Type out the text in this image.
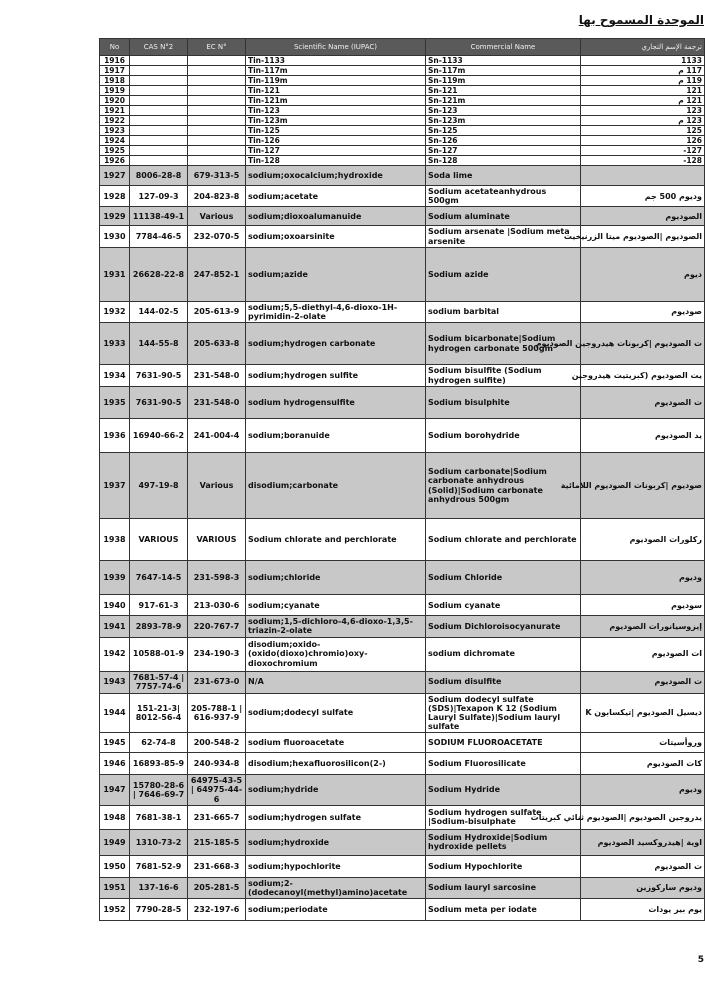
الموحدة المسموح بها
No	CAS N°2	EC N°	Scientific Name (IUPAC)	Commercial Name	ترجمة الإسم التجاري
1916			Tin-1133	Sn-1133	1133
1917			Tin-117m	Sn-117m	117 م
1918			Tin-119m	Sn-119m	119 م
1919			Tin-121	Sn-121	121
1920			Tin-121m	Sn-121m	121 م
1921			Tin-123	Sn-123	123
1922			Tin-123m	Sn-123m	123 م
1923			Tin-125	Sn-125	125
1924			Tin-126	Sn-126	126
1925			Tin-127	Sn-127	127-
1926			Tin-128	Sn-128	128-
1927	8006-28-8	679-313-5	sodium;oxocalcium;hydroxide	Soda lime	
1928	127-09-3	204-823-8	sodium;acetate	Sodium acetateanhydrous 500gm	وديوم 500 جم
1929	11138-49-1	Various	sodium;dioxoalumanuide	Sodium aluminate	الصوديوم
1930	7784-46-5	232-070-5	sodium;oxoarsinite	Sodium arsenate |Sodium meta arsenite	الصوديوم |الصوديوم ميتا الزرنيخيت
1931	26628-22-8	247-852-1	sodium;azide	Sodium azide	ديوم
1932	144-02-5	205-613-9	sodium;5,5-diethyl-4,6-dioxo-1H-pyrimidin-2-olate	sodium barbital	صوديوم
1933	144-55-8	205-633-8	sodium;hydrogen carbonate	Sodium bicarbonate|Sodium hydrogen carbonate 500gm	ت الصوديوم |كربونات هيدروجين الصوديوم
1934	7631-90-5	231-548-0	sodium;hydrogen sulfite	Sodium bisulfite (Sodium hydrogen sulfite)	يت الصوديوم (كبريتيت هيدروجين
1935	7631-90-5	231-548-0	sodium hydrogensulfite	Sodium bisulphite	ت الصوديوم
1936	16940-66-2	241-004-4	sodium;boranuide	Sodium borohydride	يد الصوديوم
1937	497-19-8	Various	disodium;carbonate	Sodium carbonate|Sodium carbonate anhydrous (Solid)|Sodium carbonate anhydrous 500gm	صوديوم |كربونات الصوديوم اللامائية
1938	VARIOUS	VARIOUS	Sodium chlorate and perchlorate	Sodium chlorate and perchlorate	ركلورات الصوديوم
1939	7647-14-5	231-598-3	sodium;chloride	Sodium Chloride	وديوم
1940	917-61-3	213-030-6	sodium;cyanate	Sodium cyanate	سوديوم
1941	2893-78-9	220-767-7	sodium;1,5-dichloro-4,6-dioxo-1,3,5-triazin-2-olate	Sodium Dichloroisocyanurate	إيزوسيانورات الصوديوم
1942	10588-01-9	234-190-3	disodium;oxido-(oxido(dioxo)chromio)oxy-dioxochromium	sodium dichromate	ات الصوديوم
1943	7681-57-4 | 7757-74-6	231-673-0	N/A	Sodium disulfite	ت الصوديوم
1944	151-21-3| 8012-56-4	205-788-1 | 616-937-9	sodium;dodecyl sulfate	Sodium dodecyl sulfate (SDS)|Texapon K 12 (Sodium Lauryl Sulfate)|Sodium lauryl sulfate	ديسيل الصوديوم |تيكسابون K
1945	62-74-8	200-548-2	sodium fluoroacetate	SODIUM FLUOROACETATE	وروأسيتات
1946	16893-85-9	240-934-8	disodium;hexafluorosilicon(2-)	Sodium Fluorosilicate	كات الصوديوم
1947	15780-28-6 | 7646-69-7	64975-43-5 | 64975-44-6	sodium;hydride	Sodium Hydride	وديوم
1948	7681-38-1	231-665-7	sodium;hydrogen sulfate	Sodium hydrogen sulfate |Sodium-bisulphate	يدروجين الصوديوم |الصوديوم ثنائي كبريتات
1949	1310-73-2	215-185-5	sodium;hydroxide	Sodium Hydroxide|Sodium hydroxide pellets	اوية |هيدروكسيد الصوديوم
1950	7681-52-9	231-668-3	sodium;hypochlorite	Sodium Hypochlorite	ت الصوديوم
1951	137-16-6	205-281-5	sodium;2-(dodecanoyl(methyl)amino)acetate	Sodium lauryl sarcosine	وديوم ساركوزين
1952	7790-28-5	232-197-6	sodium;periodate	Sodium meta per iodate	يوم بير يودات
5
